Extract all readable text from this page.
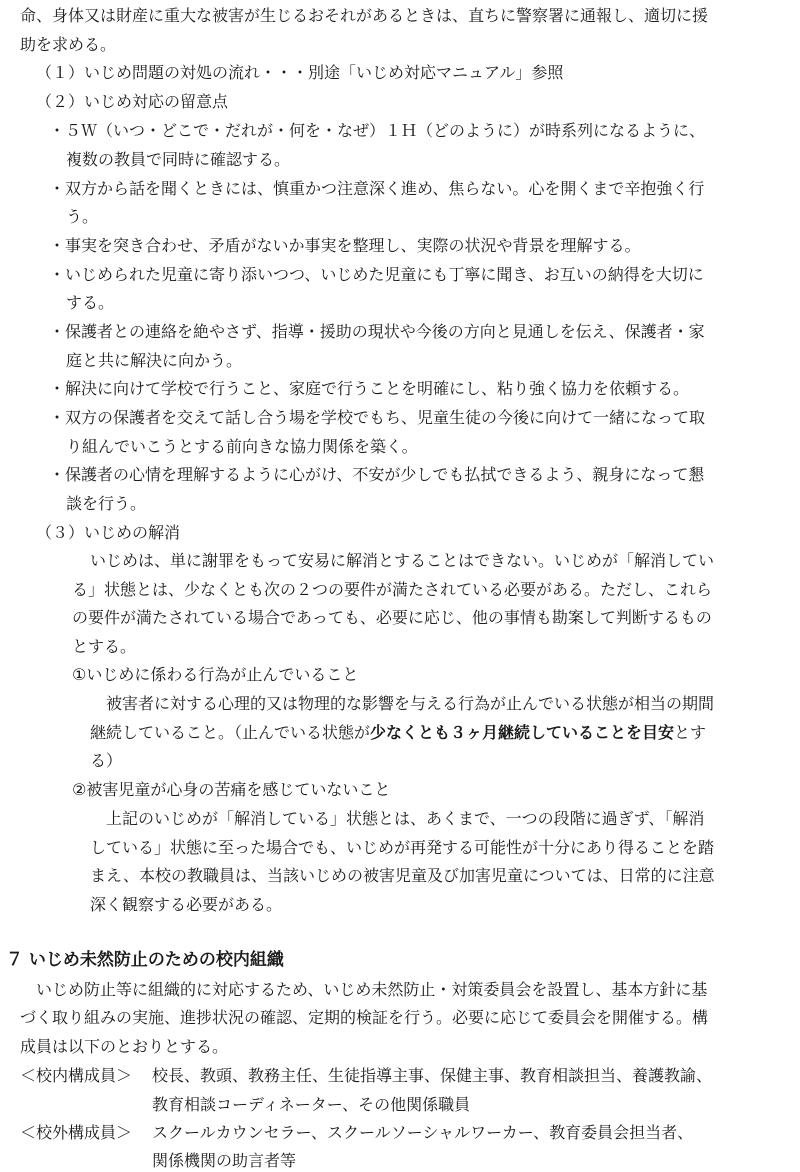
命、身体又は財産に重大な被害が生じるおそれがあるときは、直ちに警察署に通報し、適切に援
助を求める。
（１）いじめ問題の対処の流れ・・・別途「いじめ対応マニュアル」参照
（２）いじめ対応の留意点
・５Ｗ（いつ・どこで・だれが・何を・なぜ）１Ｈ（どのように）が時系列になるように、
複数の教員で同時に確認する。
・双方から話を聞くときには、慎重かつ注意深く進め、焦らない。心を開くまで辛抱強く行
う。
・事実を突き合わせ、矛盾がないか事実を整理し、実際の状況や背景を理解する。
・いじめられた児童に寄り添いつつ、いじめた児童にも丁寧に聞き、お互いの納得を大切に
する。
・保護者との連絡を絶やさず、指導・援助の現状や今後の方向と見通しを伝え、保護者・家
庭と共に解決に向かう。
・解決に向けて学校で行うこと、家庭で行うことを明確にし、粘り強く協力を依頼する。
・双方の保護者を交えて話し合う場を学校でもち、児童生徒の今後に向けて一緒になって取
り組んでいこうとする前向きな協力関係を築く。
・保護者の心情を理解するように心がけ、不安が少しでも払拭できるよう、親身になって懇
談を行う。
（３）いじめの解消
いじめは、単に謝罪をもって安易に解消とすることはできない。いじめが「解消してい
る」状態とは、少なくとも次の２つの要件が満たされている必要がある。ただし、これら
の要件が満たされている場合であっても、必要に応じ、他の事情も勘案して判断するもの
とする。
①いじめに係わる行為が止んでいること
被害者に対する心理的又は物理的な影響を与える行為が止んでいる状態が相当の期間
継続していること。（止んでいる状態が少なくとも３ヶ月継続していることを目安とす
る）
②被害児童が心身の苦痛を感じていないこと
上記のいじめが「解消している」状態とは、あくまで、一つの段階に過ぎず、「解消
している」状態に至った場合でも、いじめが再発する可能性が十分にあり得ることを踏
まえ、本校の教職員は、当該いじめの被害児童及び加害児童については、日常的に注意
深く観察する必要がある。
７ いじめ未然防止のための校内組織
いじめ防止等に組織的に対応するため、いじめ未然防止・対策委員会を設置し、基本方針に基
づく取り組みの実施、進捗状況の確認、定期的検証を行う。必要に応じて委員会を開催する。構
成員は以下のとおりとする。
＜校内構成員＞ 校長、教頭、教務主任、生徒指導主事、保健主事、教育相談担当、養護教諭、
教育相談コーディネーター、その他関係職員
＜校外構成員＞ スクールカウンセラー、スクールソーシャルワーカー、教育委員会担当者、
関係機関の助言者等
